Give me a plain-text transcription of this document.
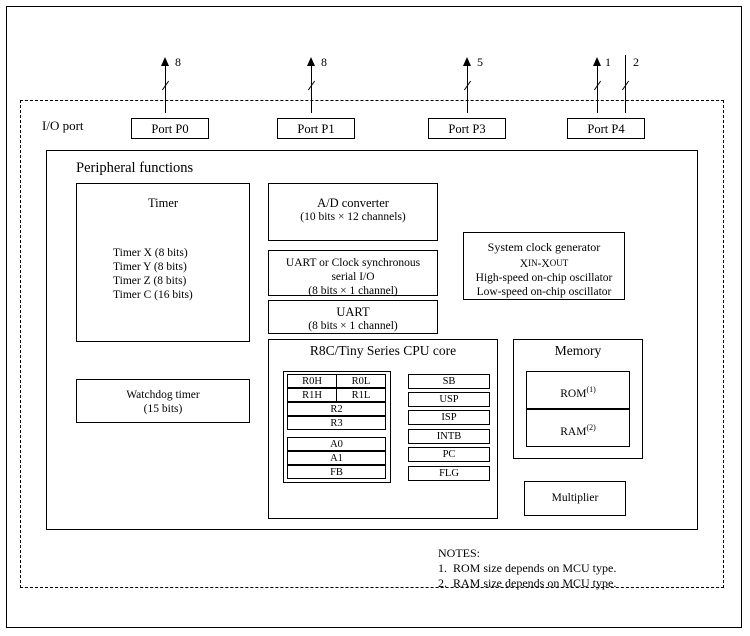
8	8	5	1 2
I/O port	Port P0	Port P1	Port P3	Port P4
Peripheral functions
Timer
Timer X (8 bits)
Timer Y (8 bits)
Timer Z (8 bits)
Timer C (16 bits)
Watchdog timer
(15 bits)
A/D converter
(10 bits × 12 channels)
UART or Clock synchronous
serial I/O
(8 bits × 1 channel)
UART
(8 bits × 1 channel)
System clock generator
XIN-XOUT
High-speed on-chip oscillator
Low-speed on-chip oscillator
R8C/Tiny Series CPU core
R0H	R0L
R1H	R1L
R2
R3
A0
A1
FB
SB
USP
ISP
INTB
PC
FLG
Memory
ROM$^{(1)}$
RAM$^{(2)}$
Multiplier
NOTES:
1.  ROM size depends on MCU type.
2.  RAM size depends on MCU type.
